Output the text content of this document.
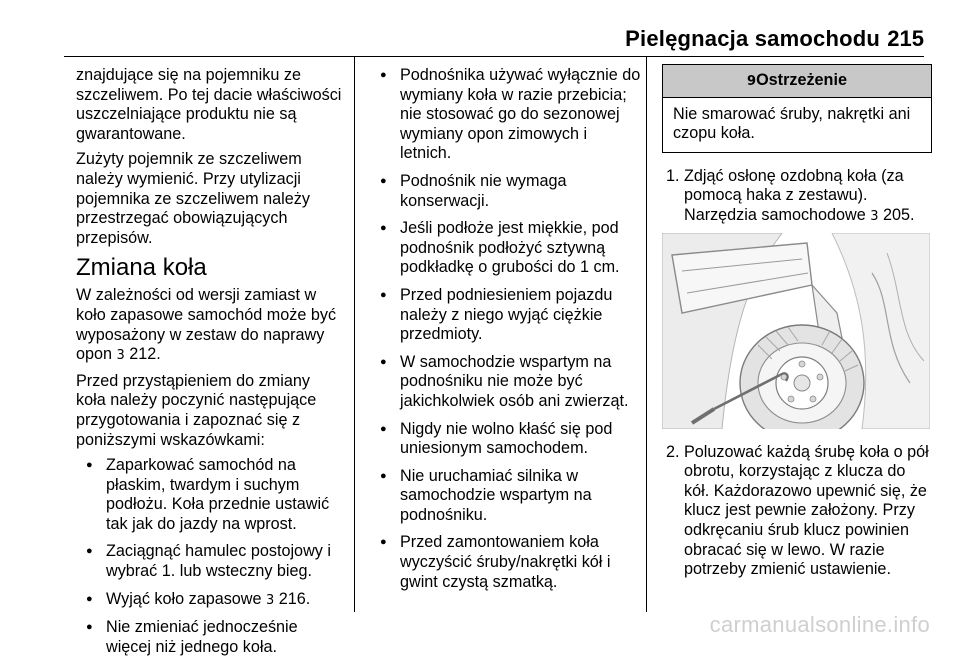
Pielęgnacja samochodu 215

znajdujące się na pojemniku ze szczeliwem. Po tej dacie właściwości uszczelniające produktu nie są gwarantowane.

Zużyty pojemnik ze szczeliwem należy wymienić. Przy utylizacji pojemnika ze szczeliwem należy przestrzegać obowiązujących przepisów.

Zmiana koła

W zależności od wersji zamiast w koło zapasowe samochód może być wyposażony w zestaw do naprawy opon 3 212.

Przed przystąpieniem do zmiany koła należy poczynić następujące przygotowania i zapoznać się z poniższymi wskazówkami:

● Zaparkować samochód na płaskim, twardym i suchym podłożu. Koła przednie ustawić tak jak do jazdy na wprost.
● Zaciągnąć hamulec postojowy i wybrać 1. lub wsteczny bieg.
● Wyjąć koło zapasowe 3 216.
● Nie zmieniać jednocześnie więcej niż jednego koła.
● Podnośnika używać wyłącznie do wymiany koła w razie przebicia; nie stosować go do sezonowej wymiany opon zimowych i letnich.
● Podnośnik nie wymaga konserwacji.
● Jeśli podłoże jest miękkie, pod podnośnik podłożyć sztywną podkładkę o grubości do 1 cm.
● Przed podniesieniem pojazdu należy z niego wyjąć ciężkie przedmioty.
● W samochodzie wspartym na podnośniku nie może być jakichkolwiek osób ani zwierząt.
● Nigdy nie wolno kłaść się pod uniesionym samochodem.
● Nie uruchamiać silnika w samochodzie wspartym na podnośniku.
● Przed zamontowaniem koła wyczyścić śruby/nakrętki kół i gwint czystą szmatką.
9Ostrzeżenie
Nie smarować śruby, nakrętki ani czopu koła.
1. Zdjąć osłonę ozdobną koła (za pomocą haka z zestawu). Narzędzia samochodowe 3 205.
2. Poluzować każdą śrubę koła o pół obrotu, korzystając z klucza do kół. Każdorazowo upewnić się, że klucz jest pewnie założony. Przy odkręcaniu śrub klucz powinien obracać się w lewo. W razie potrzeby zmienić ustawienie.
carmanualsonline.info
